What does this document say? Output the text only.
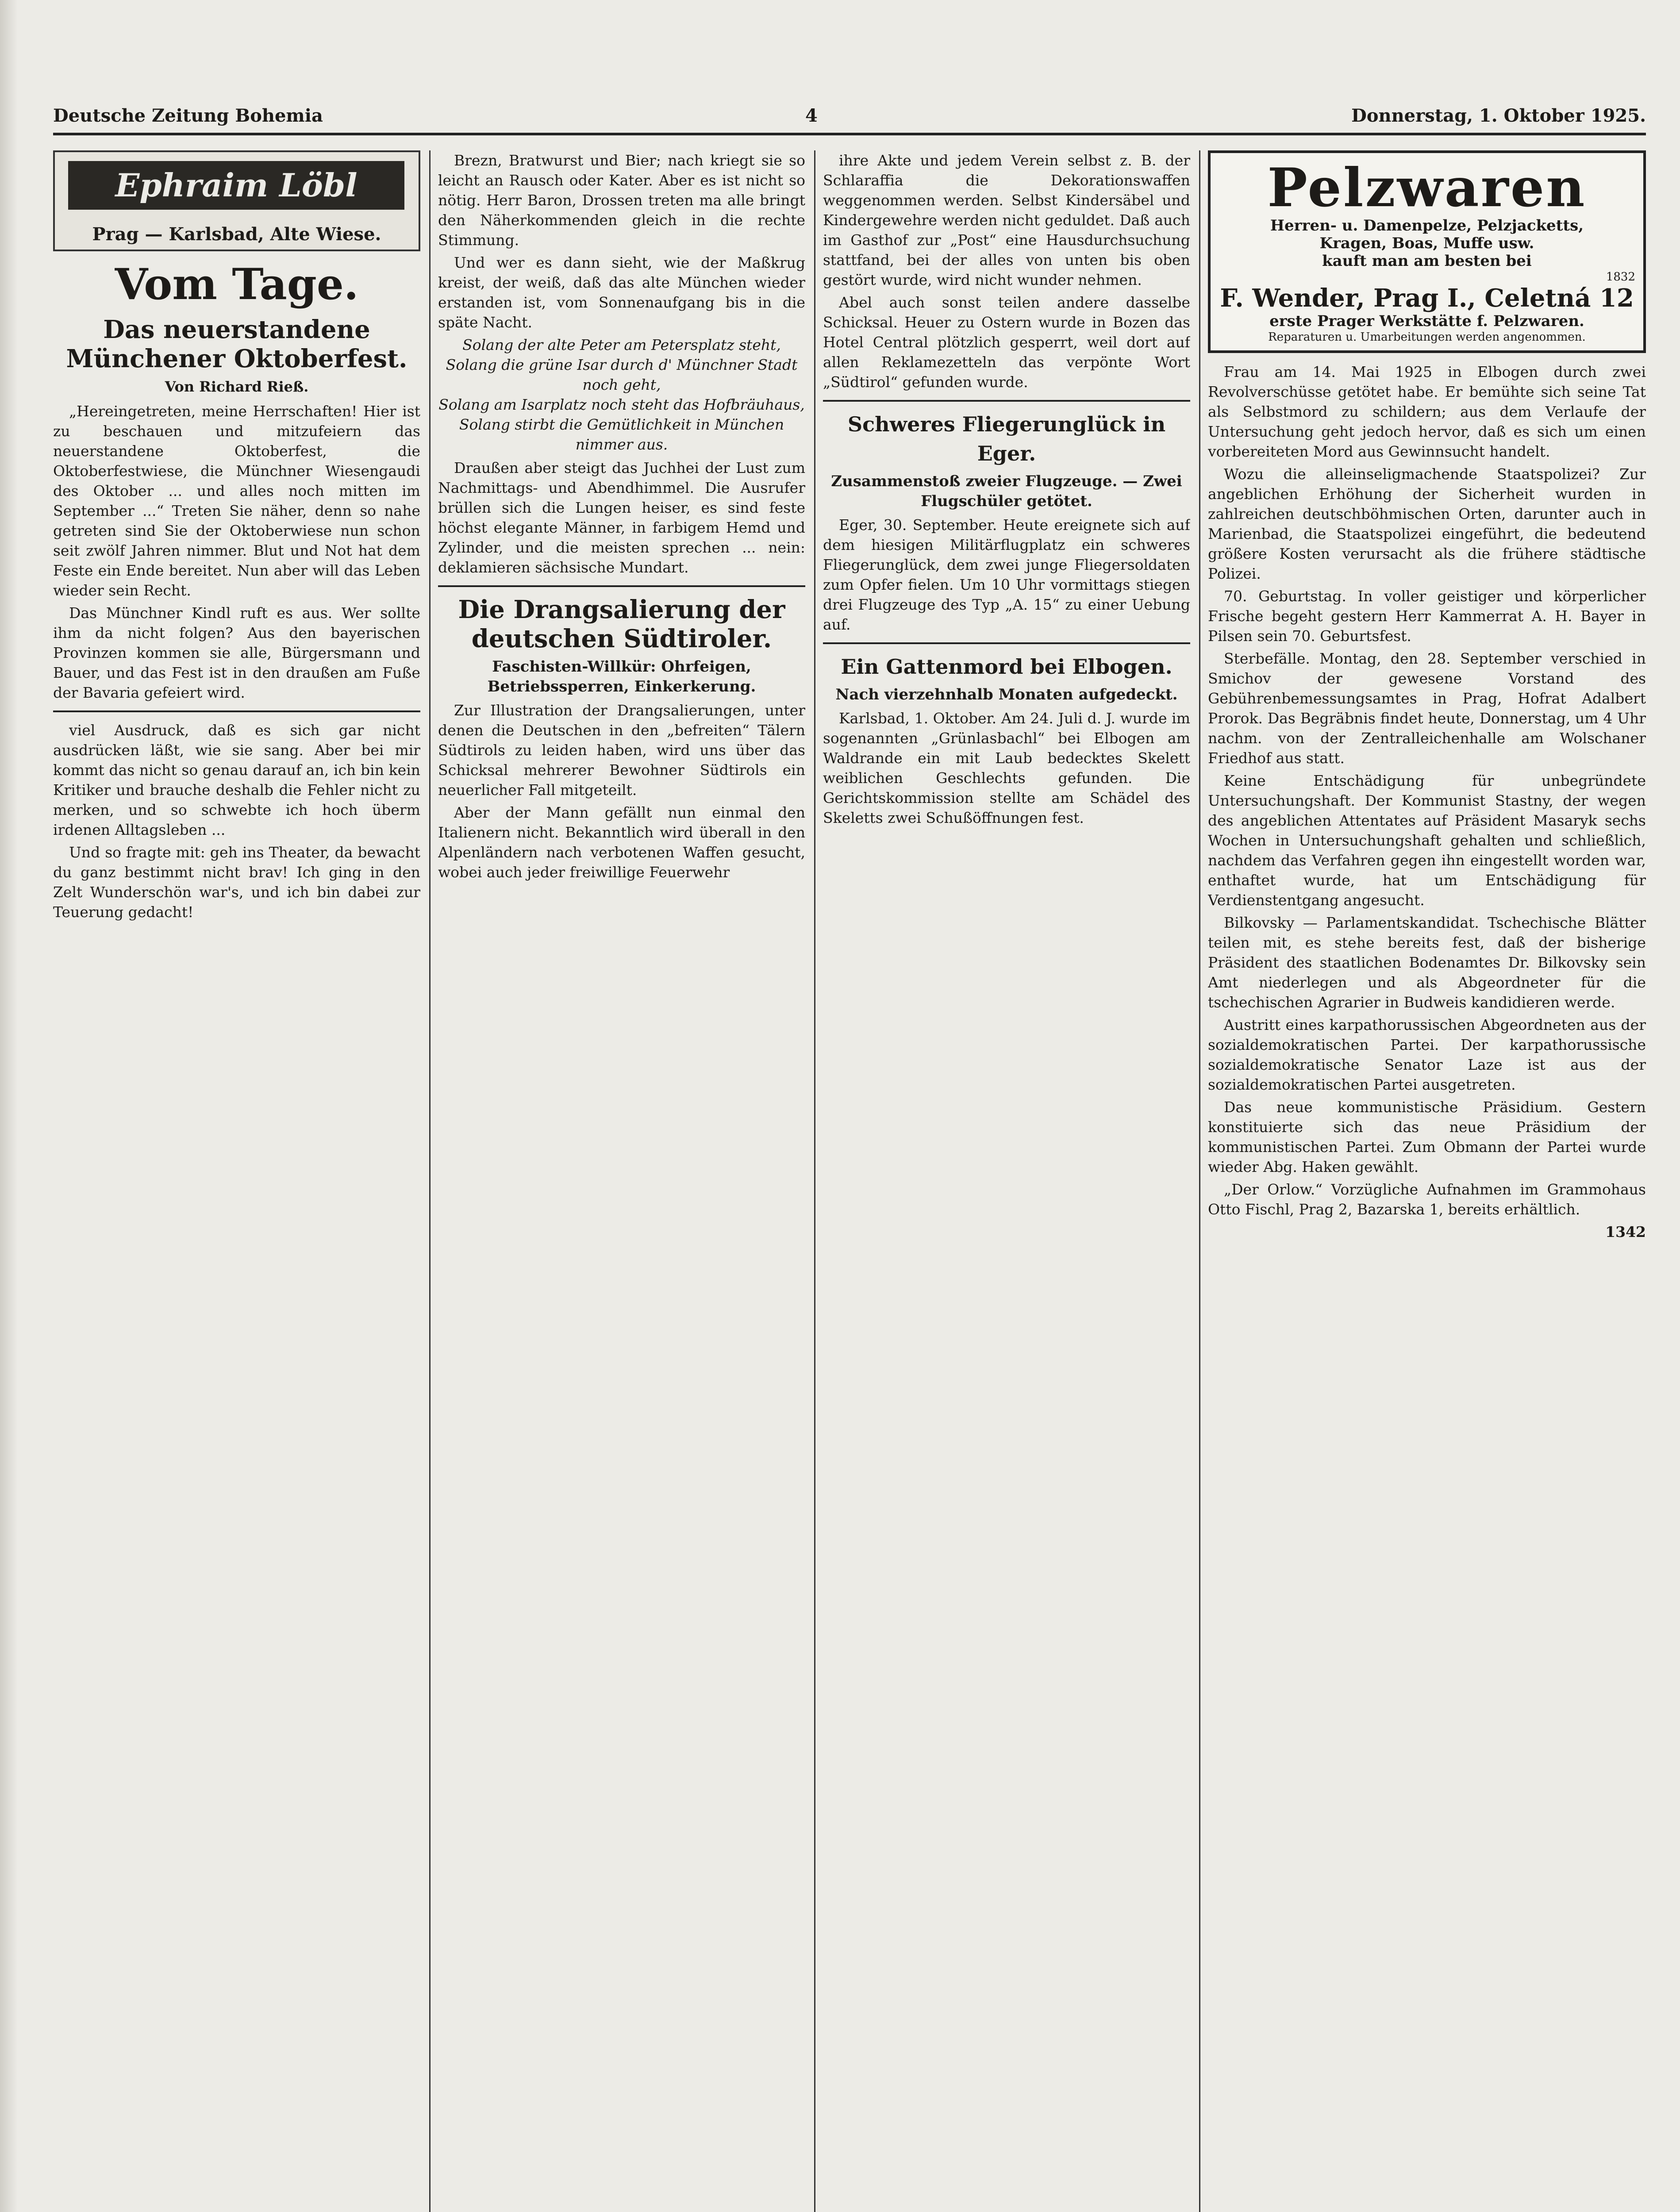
Deutsche Zeitung Bohemia	4	Donnerstag, 1. Oktober 1925.
Ephraim Löbl
Prag — Karlsbad, Alte Wiese.
Vom Tage.
Das neuerstandene Münchener Oktoberfest.
Von Richard Rieß.

„Hereingetreten, meine Herrschaften! Hier ist zu beschauen und mitzufeiern das neuerstandene Oktoberfest, die Oktoberfestwiese, die Münchner Wiesengaudi des Oktober ... und alles noch mitten im September ...“ Treten Sie näher, denn so nahe getreten sind Sie der Oktoberwiese nun schon seit zwölf Jahren nimmer. Blut und Not hat dem Feste ein Ende bereitet. Nun aber will das Leben wieder sein Recht.

Das Münchner Kindl ruft es aus. Wer sollte ihm da nicht folgen? Aus den bayerischen Provinzen kommen sie alle, Bürgersmann und Bauer, und das Fest ist in den draußen am Fuße der Bavaria gefeiert wird.

viel Ausdruck, daß es sich gar nicht ausdrücken läßt, wie sie sang. Aber bei mir kommt das nicht so genau darauf an, ich bin kein Kritiker und brauche deshalb die Fehler nicht zu merken, und so schwebte ich hoch überm irdenen Alltagsleben ...

Und so fragte mit: geh ins Theater, da bewacht du ganz bestimmt nicht brav! Ich ging in den Zelt Wunderschön war's, und ich bin dabei zur Teuerung gedacht!

Brezn, Bratwurst und Bier; nach kriegt sie so leicht an Rausch oder Kater. Aber es ist nicht so nötig. Herr Baron, Drossen treten ma alle bringt den Näherkommenden gleich in die rechte Stimmung.

Und wer es dann sieht, wie der Maßkrug kreist, der weiß, daß das alte München wieder erstanden ist, vom Sonnenaufgang bis in die späte Nacht.

Solang der alte Peter am Petersplatz steht,
Solang die grüne Isar durch d' Münchner Stadt noch geht,
Solang am Isarplatz noch steht das Hofbräuhaus,
Solang stirbt die Gemütlichkeit in München nimmer aus.

Draußen aber steigt das Juchhei der Lust zum Nachmittags- und Abendhimmel. Die Ausrufer brüllen sich die Lungen heiser, es sind feste höchst elegante Männer, in farbigem Hemd und Zylinder, und die meisten sprechen ... nein: deklamieren sächsische Mundart.

Die Drangsalierung der deutschen Südtiroler.
Faschisten-Willkür: Ohrfeigen, Betriebssperren, Einkerkerung.

Zur Illustration der Drangsalierungen, unter denen die Deutschen in den „befreiten“ Tälern Südtirols zu leiden haben, wird uns über das Schicksal mehrerer Bewohner Südtirols ein neuerlicher Fall mitgeteilt.

Aber der Mann gefällt nun einmal den Italienern nicht. Bekanntlich wird überall in den Alpenländern nach verbotenen Waffen gesucht, wobei auch jeder freiwillige Feuerwehr

ihre Akte und jedem Verein selbst z. B. der Schlaraffia die Dekorationswaffen weggenommen werden. Selbst Kindersäbel und Kindergewehre werden nicht geduldet. Daß auch im Gasthof zur „Post“ eine Hausdurchsuchung stattfand, bei der alles von unten bis oben gestört wurde, wird nicht wunder nehmen.

Abel auch sonst teilen andere dasselbe Schicksal. Heuer zu Ostern wurde in Bozen das Hotel Central plötzlich gesperrt, weil dort auf allen Reklamezetteln das verpönte Wort „Südtirol“ gefunden wurde.

Schweres Fliegerunglück in Eger.
Zusammenstoß zweier Flugzeuge. — Zwei Flugschüler getötet.

Eger, 30. September. Heute ereignete sich auf dem hiesigen Militärflugplatz ein schweres Fliegerunglück, dem zwei junge Fliegersoldaten zum Opfer fielen. Um 10 Uhr vormittags stiegen drei Flugzeuge des Typ „A. 15“ zu einer Uebung auf.

Ein Gattenmord bei Elbogen.
Nach vierzehnhalb Monaten aufgedeckt.

Karlsbad, 1. Oktober. Am 24. Juli d. J. wurde im sogenannten „Grünlasbachl“ bei Elbogen am Waldrande ein mit Laub bedecktes Skelett weiblichen Geschlechts gefunden. Die Gerichtskommission stellte am Schädel des Skeletts zwei Schußöffnungen fest.

Pelzwaren
Herren- u. Damenpelze, Pelzjacketts,
Kragen, Boas, Muffe usw.
kauft man am besten bei
1832
F. Wender, Prag I., Celetná 12
erste Prager Werkstätte f. Pelzwaren.
Reparaturen u. Umarbeitungen werden angenommen.

Frau am 14. Mai 1925 in Elbogen durch zwei Revolverschüsse getötet habe. Er bemühte sich seine Tat als Selbstmord zu schildern; aus dem Verlaufe der Untersuchung geht jedoch hervor, daß es sich um einen vorbereiteten Mord aus Gewinnsucht handelt.

Wozu die alleinseligmachende Staatspolizei? Zur angeblichen Erhöhung der Sicherheit wurden in zahlreichen deutschböhmischen Orten, darunter auch in Marienbad, die Staatspolizei eingeführt, die bedeutend größere Kosten verursacht als die frühere städtische Polizei.

70. Geburtstag. In voller geistiger und körperlicher Frische begeht gestern Herr Kammerrat A. H. Bayer in Pilsen sein 70. Geburtsfest.

Sterbefälle. Montag, den 28. September verschied in Smichov der gewesene Vorstand des Gebührenbemessungsamtes in Prag, Hofrat Adalbert Prorok. Das Begräbnis findet heute, Donnerstag, um 4 Uhr nachm. von der Zentralleichenhalle am Wolschaner Friedhof aus statt.

Keine Entschädigung für unbegründete Untersuchungshaft. Der Kommunist Stastny, der wegen des angeblichen Attentates auf Präsident Masaryk sechs Wochen in Untersuchungshaft gehalten und schließlich, nachdem das Verfahren gegen ihn eingestellt worden war, enthaftet wurde, hat um Entschädigung für Verdienstentgang angesucht.

Bilkovsky — Parlamentskandidat. Tschechische Blätter teilen mit, es stehe bereits fest, daß der bisherige Präsident des staatlichen Bodenamtes Dr. Bilkovsky sein Amt niederlegen und als Abgeordneter für die tschechischen Agrarier in Budweis kandidieren werde.

Austritt eines karpathorussischen Abgeordneten aus der sozialdemokratischen Partei. Der karpathorussische sozialdemokratische Senator Laze ist aus der sozialdemokratischen Partei ausgetreten.

Das neue kommunistische Präsidium. Gestern konstituierte sich das neue Präsidium der kommunistischen Partei. Zum Obmann der Partei wurde wieder Abg. Haken gewählt.

„Der Orlow.“ Vorzügliche Aufnahmen im Grammohaus Otto Fischl, Prag 2, Bazarska 1, bereits erhältlich.

1342
